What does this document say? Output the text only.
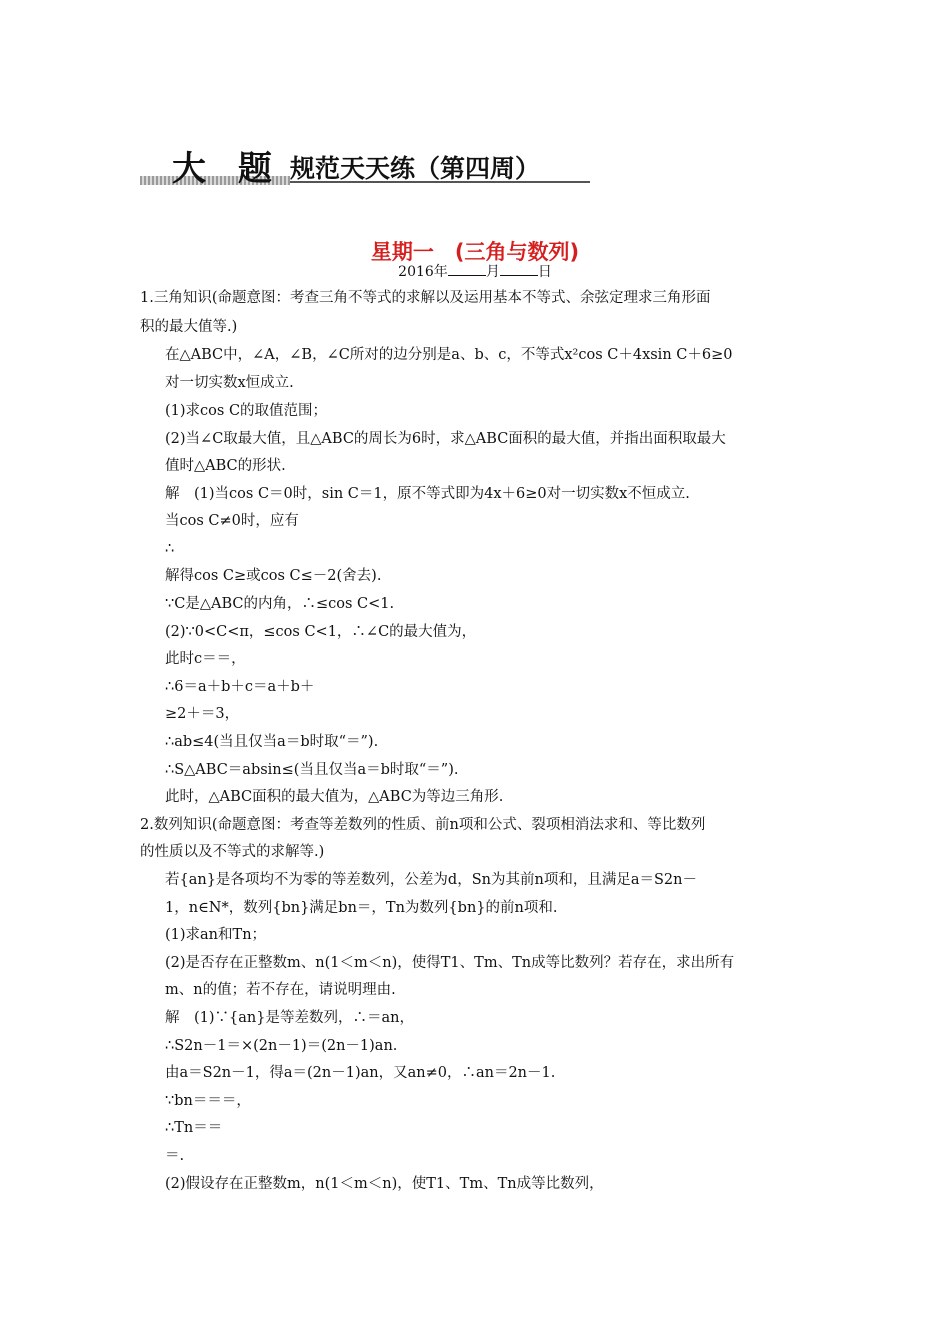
大 题 规范天天练（第四周）
星期一　(三角与数列)
2016年	月	日
1.三角知识(命题意图：考查三角不等式的求解以及运用基本不等式、余弦定理求三角形面
积的最大值等.)
在△ABC中，∠A，∠B，∠C所对的边分别是a、b、c，不等式x²cos C＋4xsin C＋6≥0
对一切实数x恒成立.
(1)求cos C的取值范围；
(2)当∠C取最大值，且△ABC的周长为6时，求△ABC面积的最大值，并指出面积取最大
值时△ABC的形状.
解　(1)当cos C＝0时，sin C＝1，原不等式即为4x＋6≥0对一切实数x不恒成立.
当cos C≠0时，应有
∴
解得cos C≥或cos C≤－2(舍去).
∵C是△ABC的内角，∴≤cos C<1.
(2)∵0<C<π，≤cos C<1，∴∠C的最大值为，
此时c＝＝，
∴6＝a＋b＋c＝a＋b＋
≥2＋＝3，
∴ab≤4(当且仅当a＝b时取“＝”).
∴S△ABC＝absin≤(当且仅当a＝b时取“＝”).
此时，△ABC面积的最大值为，△ABC为等边三角形.
2.数列知识(命题意图：考查等差数列的性质、前n项和公式、裂项相消法求和、等比数列
的性质以及不等式的求解等.)
若{an}是各项均不为零的等差数列，公差为d，Sn为其前n项和，且满足a＝S2n－
1，n∈N*，数列{bn}满足bn＝，Tn为数列{bn}的前n项和.
(1)求an和Tn；
(2)是否存在正整数m、n(1＜m＜n)，使得T1、Tm、Tn成等比数列？若存在，求出所有
m、n的值；若不存在，请说明理由.
解　(1)∵{an}是等差数列，∴＝an，
∴S2n－1＝×(2n－1)＝(2n－1)an.
由a＝S2n－1，得a＝(2n－1)an，又an≠0，∴an＝2n－1.
∵bn＝＝＝，
∴Tn＝＝
＝.
(2)假设存在正整数m，n(1＜m＜n)，使T1、Tm、Tn成等比数列，
